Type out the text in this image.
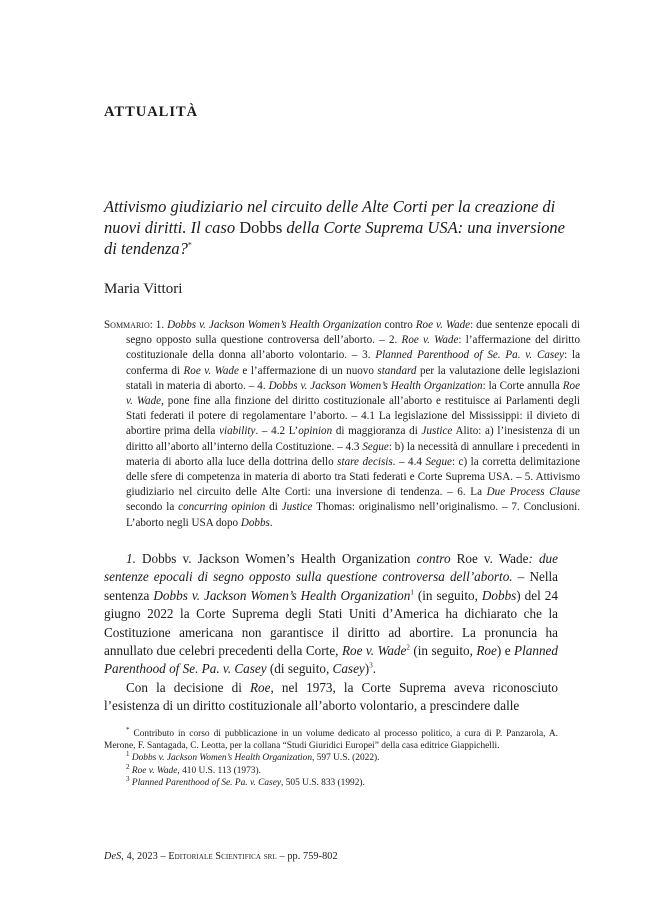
ATTUALITÀ
Attivismo giudiziario nel circuito delle Alte Corti per la creazione di nuovi diritti. Il caso Dobbs della Corte Suprema USA: una inversione di tendenza?*
Maria Vittori
Sommario: 1. Dobbs v. Jackson Women’s Health Organization contro Roe v. Wade: due sentenze epocali di segno opposto sulla questione controversa dell’aborto. – 2. Roe v. Wade: l’affermazione del diritto costituzionale della donna all’aborto volontario. – 3. Planned Parenthood of Se. Pa. v. Casey: la conferma di Roe v. Wade e l’affermazione di un nuovo standard per la valutazione delle legislazioni statali in materia di aborto. – 4. Dobbs v. Jackson Women’s Health Organization: la Corte annulla Roe v. Wade, pone fine alla finzione del diritto costituzionale all’aborto e restituisce ai Parlamenti degli Stati federati il potere di regolamentare l’aborto. – 4.1 La legislazione del Mississippi: il divieto di abortire prima della viability. – 4.2 L’opinion di maggioranza di Justice Alito: a) l’inesistenza di un diritto all’aborto all’interno della Costituzione. – 4.3 Segue: b) la necessità di annullare i precedenti in materia di aborto alla luce della dottrina dello stare decisis. – 4.4 Segue: c) la corretta delimitazione delle sfere di competenza in materia di aborto tra Stati federati e Corte Suprema USA. – 5. Attivismo giudiziario nel circuito delle Alte Corti: una inversione di tendenza. – 6. La Due Process Clause secondo la concurring opinion di Justice Thomas: originalismo nell’originalismo. – 7. Conclusioni. L’aborto negli USA dopo Dobbs.

1. Dobbs v. Jackson Women’s Health Organization contro Roe v. Wade: due sentenze epocali di segno opposto sulla questione controversa dell’aborto. – Nella sentenza Dobbs v. Jackson Women’s Health Organization$^1$ (in seguito, Dobbs) del 24 giugno 2022 la Corte Suprema degli Stati Uniti d’America ha dichiarato che la Costituzione americana non garantisce il diritto ad abortire. La pronuncia ha annullato due celebri precedenti della Corte, Roe v. Wade$^2$ (in seguito, Roe) e Planned Parenthood of Se. Pa. v. Casey (di seguito, Casey)$^3$.

Con la decisione di Roe, nel 1973, la Corte Suprema aveva riconosciuto l’esistenza di un diritto costituzionale all’aborto volontario, a prescindere dalle

* Contributo in corso di pubblicazione in un volume dedicato al processo politico, a cura di P. Panzarola, A. Merone, F. Santagada, C. Leotta, per la collana “Studi Giuridici Europei” della casa editrice Giappichelli.

$^1$ Dobbs v. Jackson Women’s Health Organization, 597 U.S. (2022).

$^2$ Roe v. Wade, 410 U.S. 113 (1973).

$^3$ Planned Parenthood of Se. Pa. v. Casey, 505 U.S. 833 (1992).

DeS, 4, 2023 – Editoriale Scientifica srl – pp. 759-802
